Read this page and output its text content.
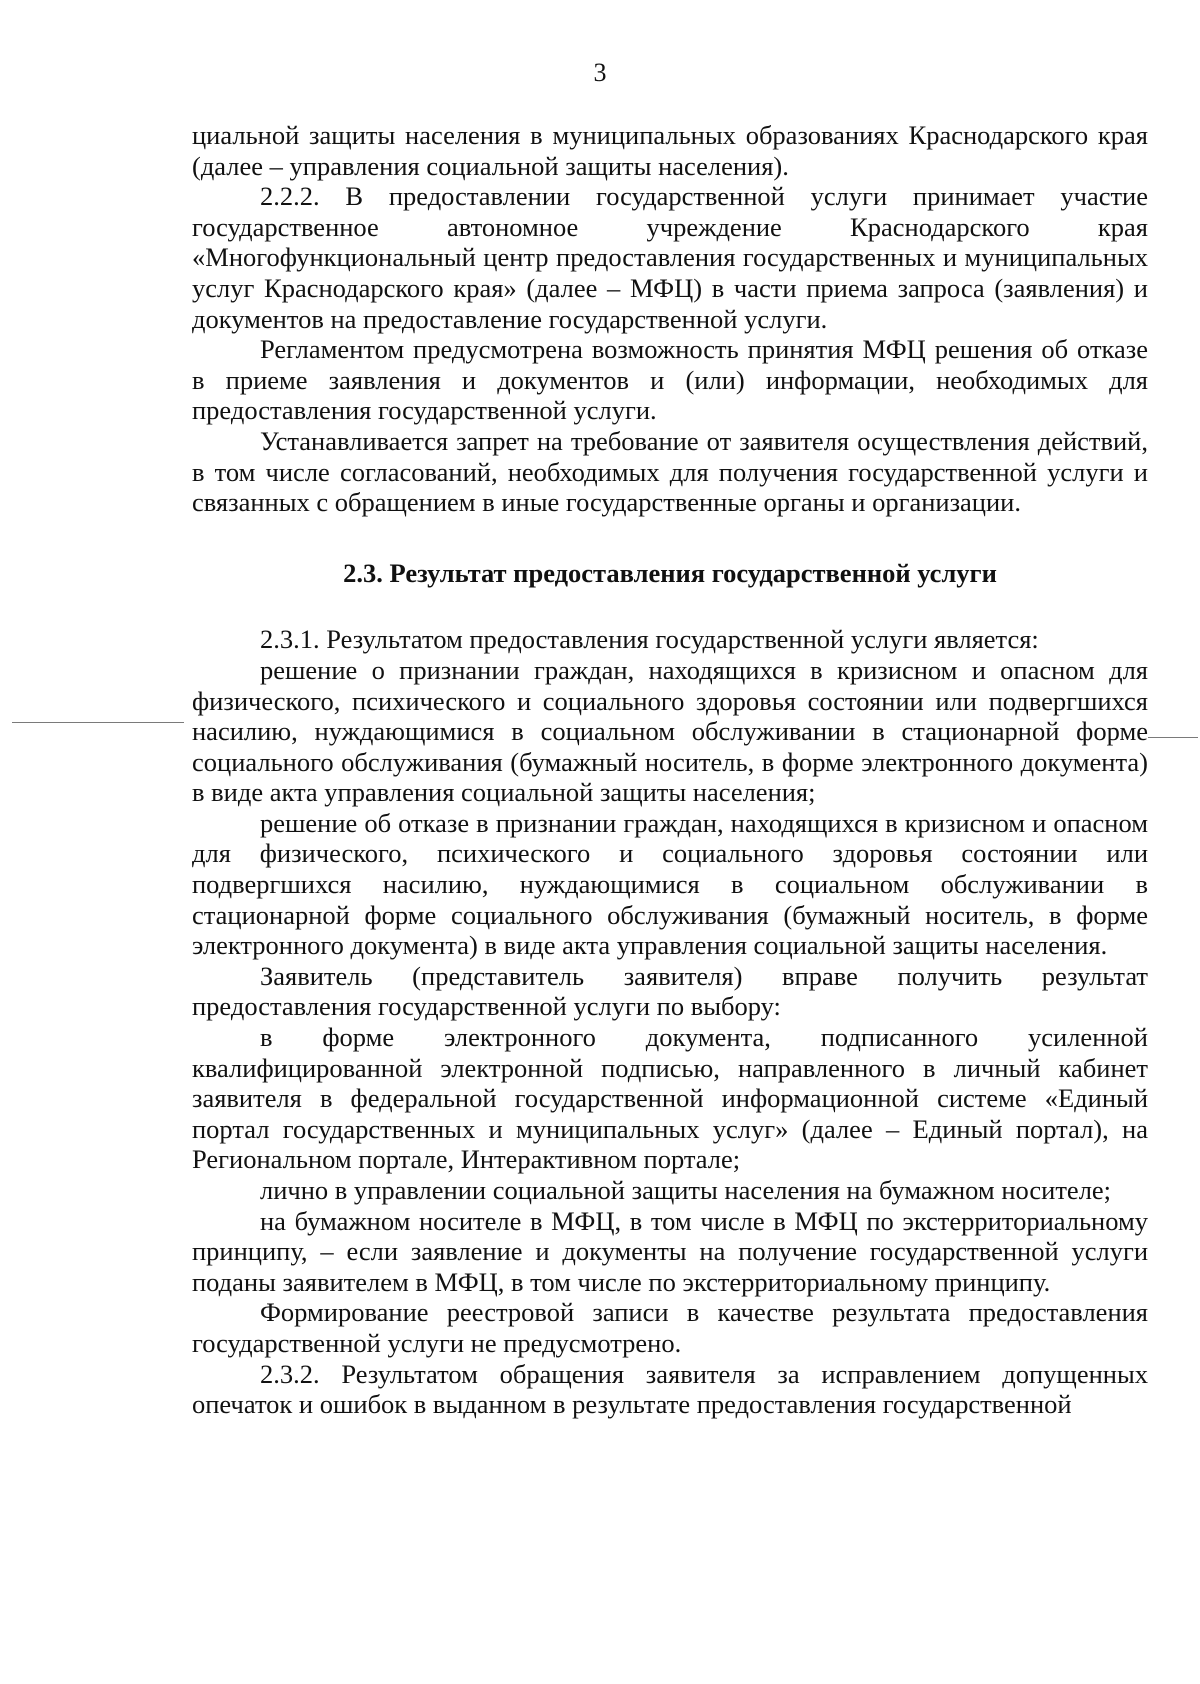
3

циальной защиты населения в муниципальных образованиях Краснодарского края (далее – управления социальной защиты населения).

2.2.2. В предоставлении государственной услуги принимает участие государственное автономное учреждение Краснодарского края «Многофункциональный центр предоставления государственных и муниципальных услуг Краснодарского края» (далее – МФЦ) в части приема запроса (заявления) и документов на предоставление государственной услуги.

Регламентом предусмотрена возможность принятия МФЦ решения об отказе в приеме заявления и документов и (или) информации, необходимых для предоставления государственной услуги.

Устанавливается запрет на требование от заявителя осуществления действий, в том числе согласований, необходимых для получения государственной услуги и связанных с обращением в иные государственные органы и организации.

2.3. Результат предоставления государственной услуги

2.3.1. Результатом предоставления государственной услуги является:

решение о признании граждан, находящихся в кризисном и опасном для физического, психического и социального здоровья состоянии или подвергшихся насилию, нуждающимися в социальном обслуживании в стационарной форме социального обслуживания (бумажный носитель, в форме электронного документа) в виде акта управления социальной защиты населения;

решение об отказе в признании граждан, находящихся в кризисном и опасном для физического, психического и социального здоровья состоянии или подвергшихся насилию, нуждающимися в социальном обслуживании в стационарной форме социального обслуживания (бумажный носитель, в форме электронного документа) в виде акта управления социальной защиты населения.

Заявитель (представитель заявителя) вправе получить результат предоставления государственной услуги по выбору:

в форме электронного документа, подписанного усиленной квалифицированной электронной подписью, направленного в личный кабинет заявителя в федеральной государственной информационной системе «Единый портал государственных и муниципальных услуг» (далее – Единый портал), на Региональном портале, Интерактивном портале;

лично в управлении социальной защиты населения на бумажном носителе;

на бумажном носителе в МФЦ, в том числе в МФЦ по экстерриториальному принципу, – если заявление и документы на получение государственной услуги поданы заявителем в МФЦ, в том числе по экстерриториальному принципу.

Формирование реестровой записи в качестве результата предоставления государственной услуги не предусмотрено.

2.3.2. Результатом обращения заявителя за исправлением допущенных опечаток и ошибок в выданном в результате предоставления государственной
